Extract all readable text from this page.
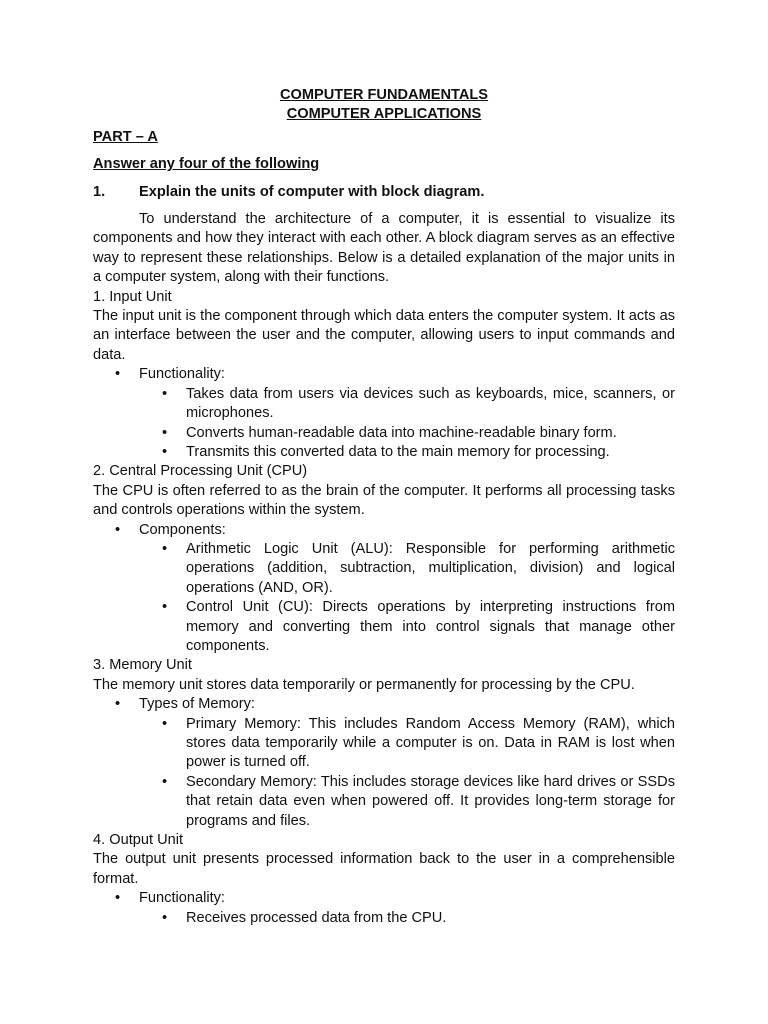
COMPUTER FUNDAMENTALS
COMPUTER APPLICATIONS
PART – A
Answer any four of the following
1.	Explain the units of computer with block diagram.

To understand the architecture of a computer, it is essential to visualize its components and how they interact with each other. A block diagram serves as an effective way to represent these relationships. Below is a detailed explanation of the major units in a computer system, along with their functions.

1. Input Unit

The input unit is the component through which data enters the computer system. It acts as an interface between the user and the computer, allowing users to input commands and data.

• Functionality:
• Takes data from users via devices such as keyboards, mice, scanners, or microphones.
• Converts human-readable data into machine-readable binary form.
• Transmits this converted data to the main memory for processing.
2. Central Processing Unit (CPU)

The CPU is often referred to as the brain of the computer. It performs all processing tasks and controls operations within the system.

• Components:
• Arithmetic Logic Unit (ALU): Responsible for performing arithmetic operations (addition, subtraction, multiplication, division) and logical operations (AND, OR).
• Control Unit (CU): Directs operations by interpreting instructions from memory and converting them into control signals that manage other components.
3. Memory Unit

The memory unit stores data temporarily or permanently for processing by the CPU.

• Types of Memory:
• Primary Memory: This includes Random Access Memory (RAM), which stores data temporarily while a computer is on. Data in RAM is lost when power is turned off.
• Secondary Memory: This includes storage devices like hard drives or SSDs that retain data even when powered off. It provides long-term storage for programs and files.
4. Output Unit

The output unit presents processed information back to the user in a comprehensible format.

• Functionality:
• Receives processed data from the CPU.
